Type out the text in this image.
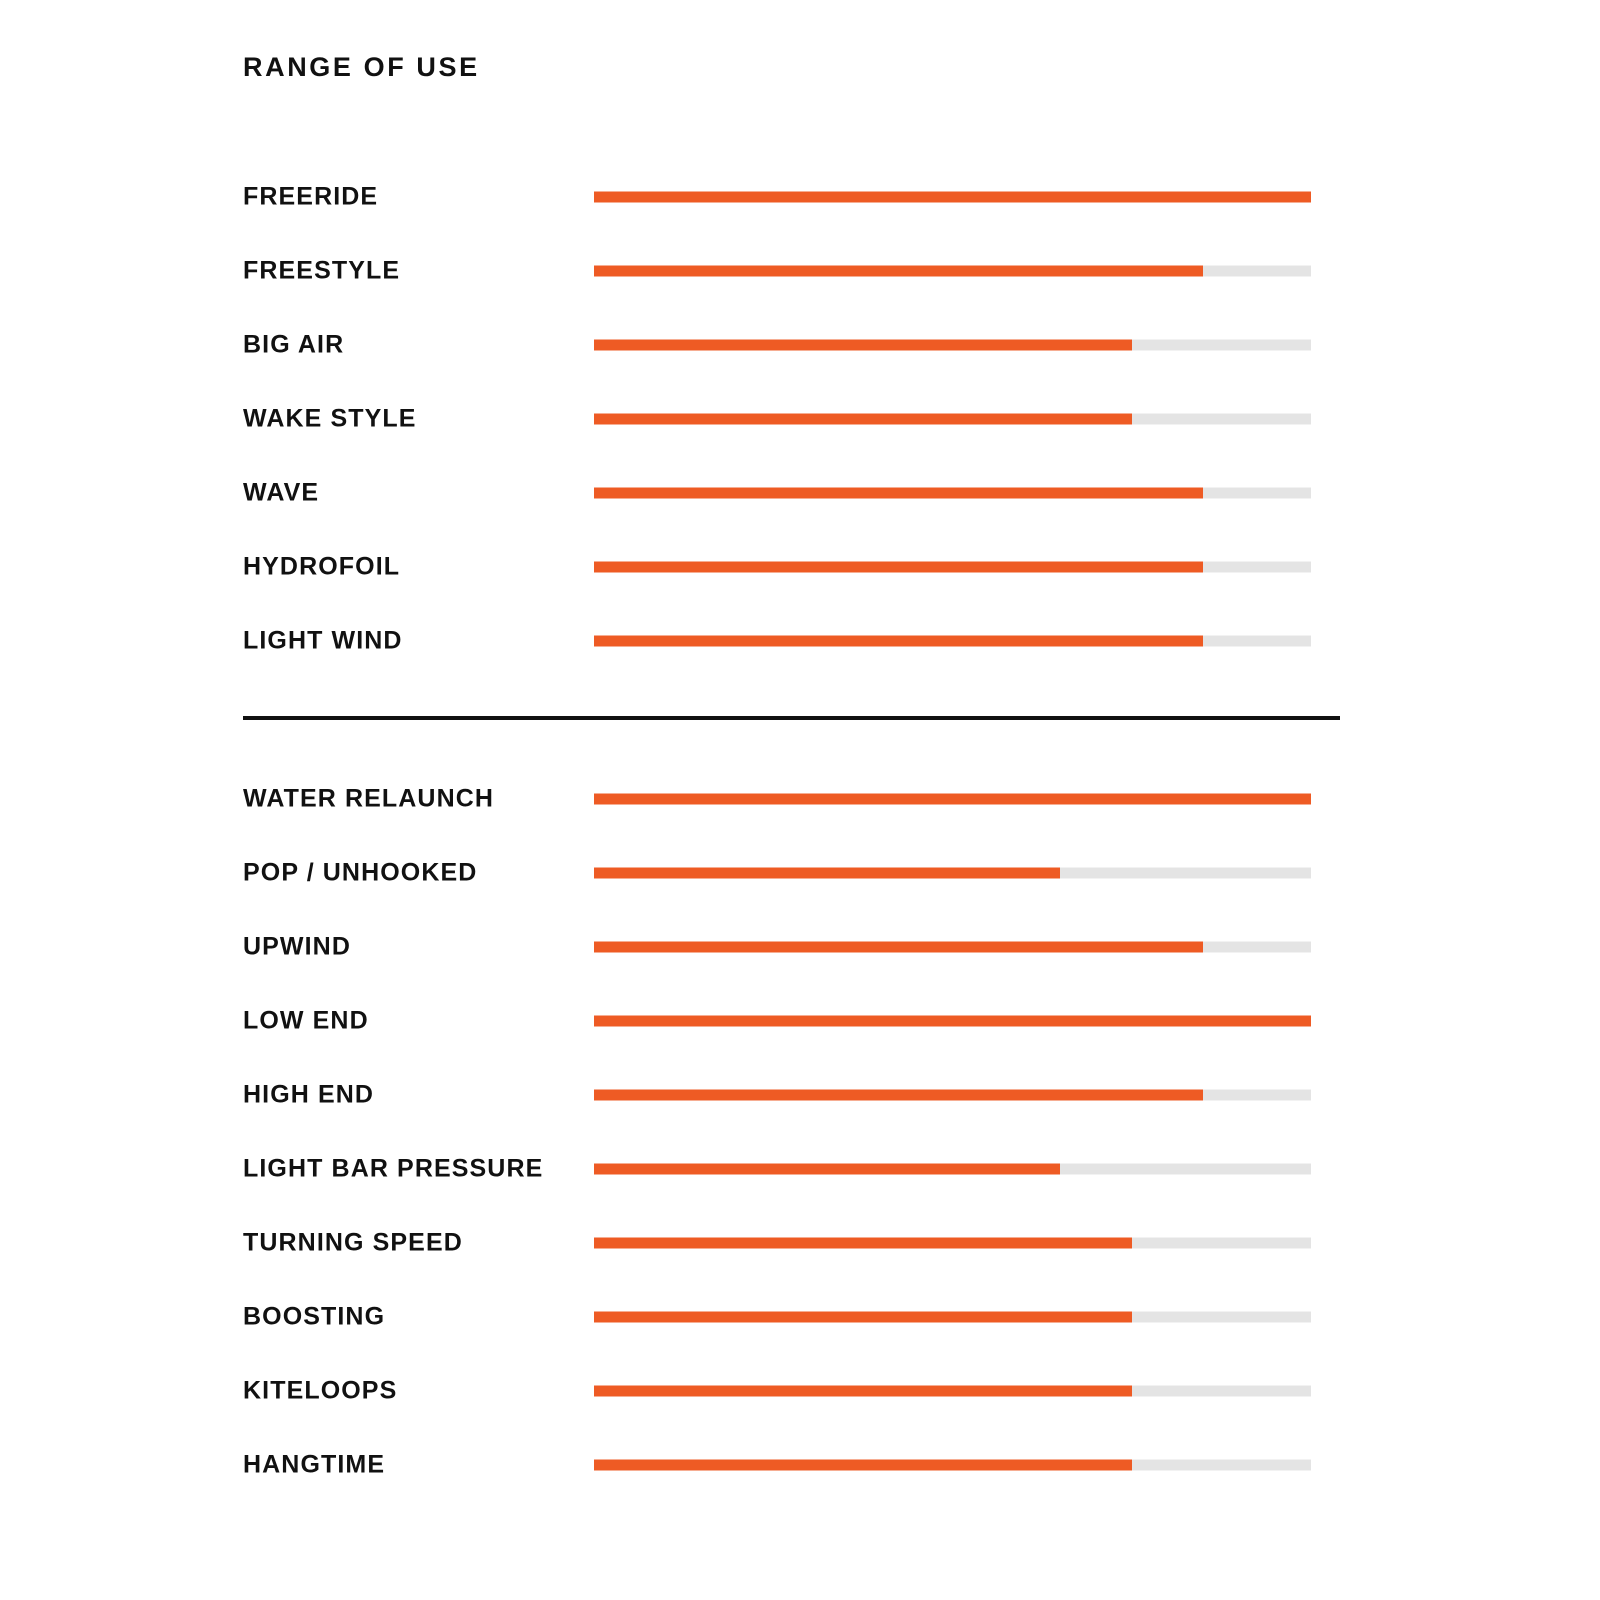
RANGE OF USE
FREERIDE
FREESTYLE
BIG AIR
WAKE STYLE
WAVE
HYDROFOIL
LIGHT WIND
WATER RELAUNCH
POP / UNHOOKED
UPWIND
LOW END
HIGH END
LIGHT BAR PRESSURE
TURNING SPEED
BOOSTING
KITELOOPS
HANGTIME
